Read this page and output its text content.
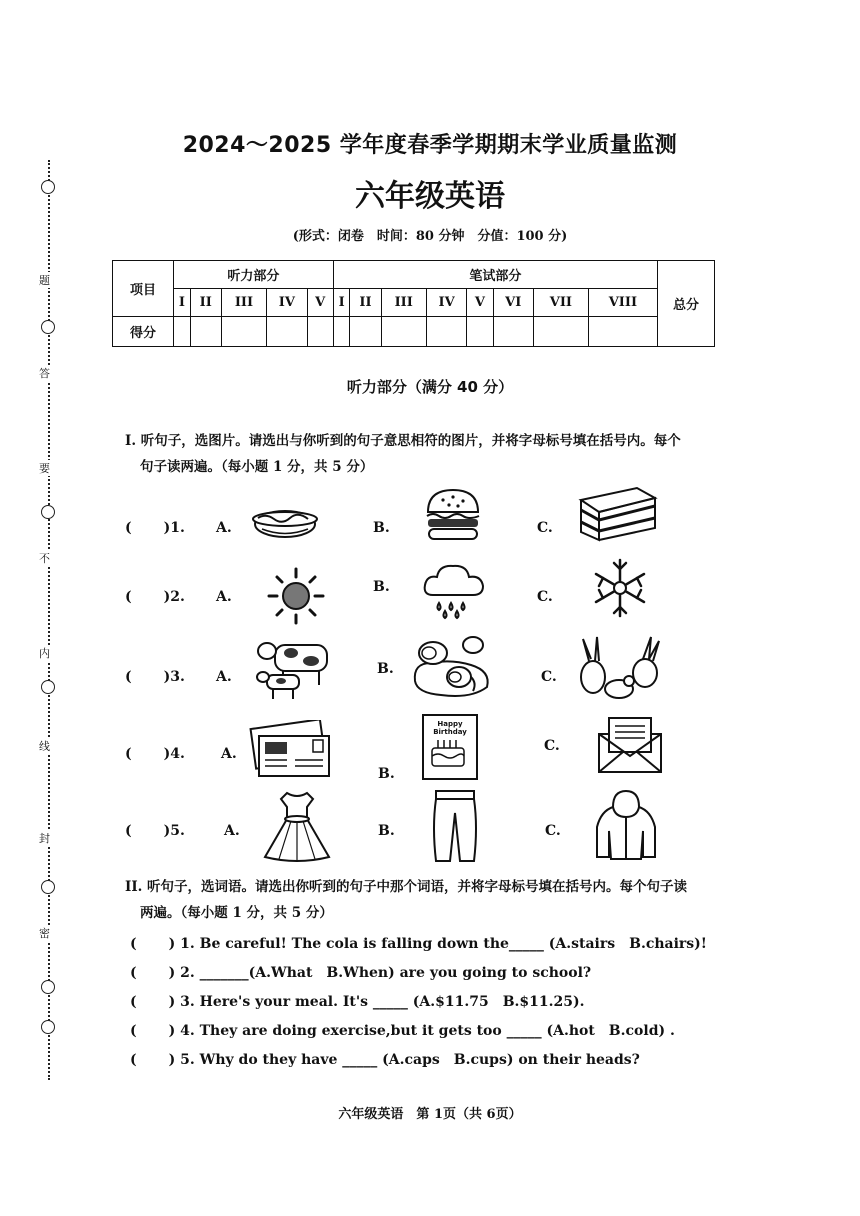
题
答
要
不
内
线
封
密
2024～2025 学年度春季学期期末学业质量监测
六年级英语
(形式：闭卷　时间：80 分钟　分值：100 分)
项目	听力部分					笔试部分								总分
	I	II	III	IV	V	I	II	III	IV	V	VI	VII	VIII	
得分														
听力部分（满分 40 分）
I. 听句子，选图片。请选出与你听到的句子意思相符的图片，并将字母标号填在括号内。每个
句子读两遍。（每小题 1 分，共 5 分）
( )1. A.	B.	C.
( )2. A.
B.
C.
( )3. A.	B.	C.
( )4.	A.
B.
C.
Happy
Birthday
( )5.	A.	B.	C.
II. 听句子，选词语。请选出你听到的句子中那个词语，并将字母标号填在括号内。每个句子读
两遍。（每小题 1 分，共 5 分）
( ) 1. Be careful! The cola is falling down the_____ (A.stairs　B.chairs)!
( ) 2. _______(A.What　B.When) are you going to school?
( ) 3. Here's your meal. It's _____ (A.$11.75　B.$11.25).
( ) 4. They are doing exercise,but it gets too _____ (A.hot　B.cold) .
( ) 5. Why do they have _____ (A.caps　B.cups) on their heads?
六年级英语　第 1页（共 6页）
